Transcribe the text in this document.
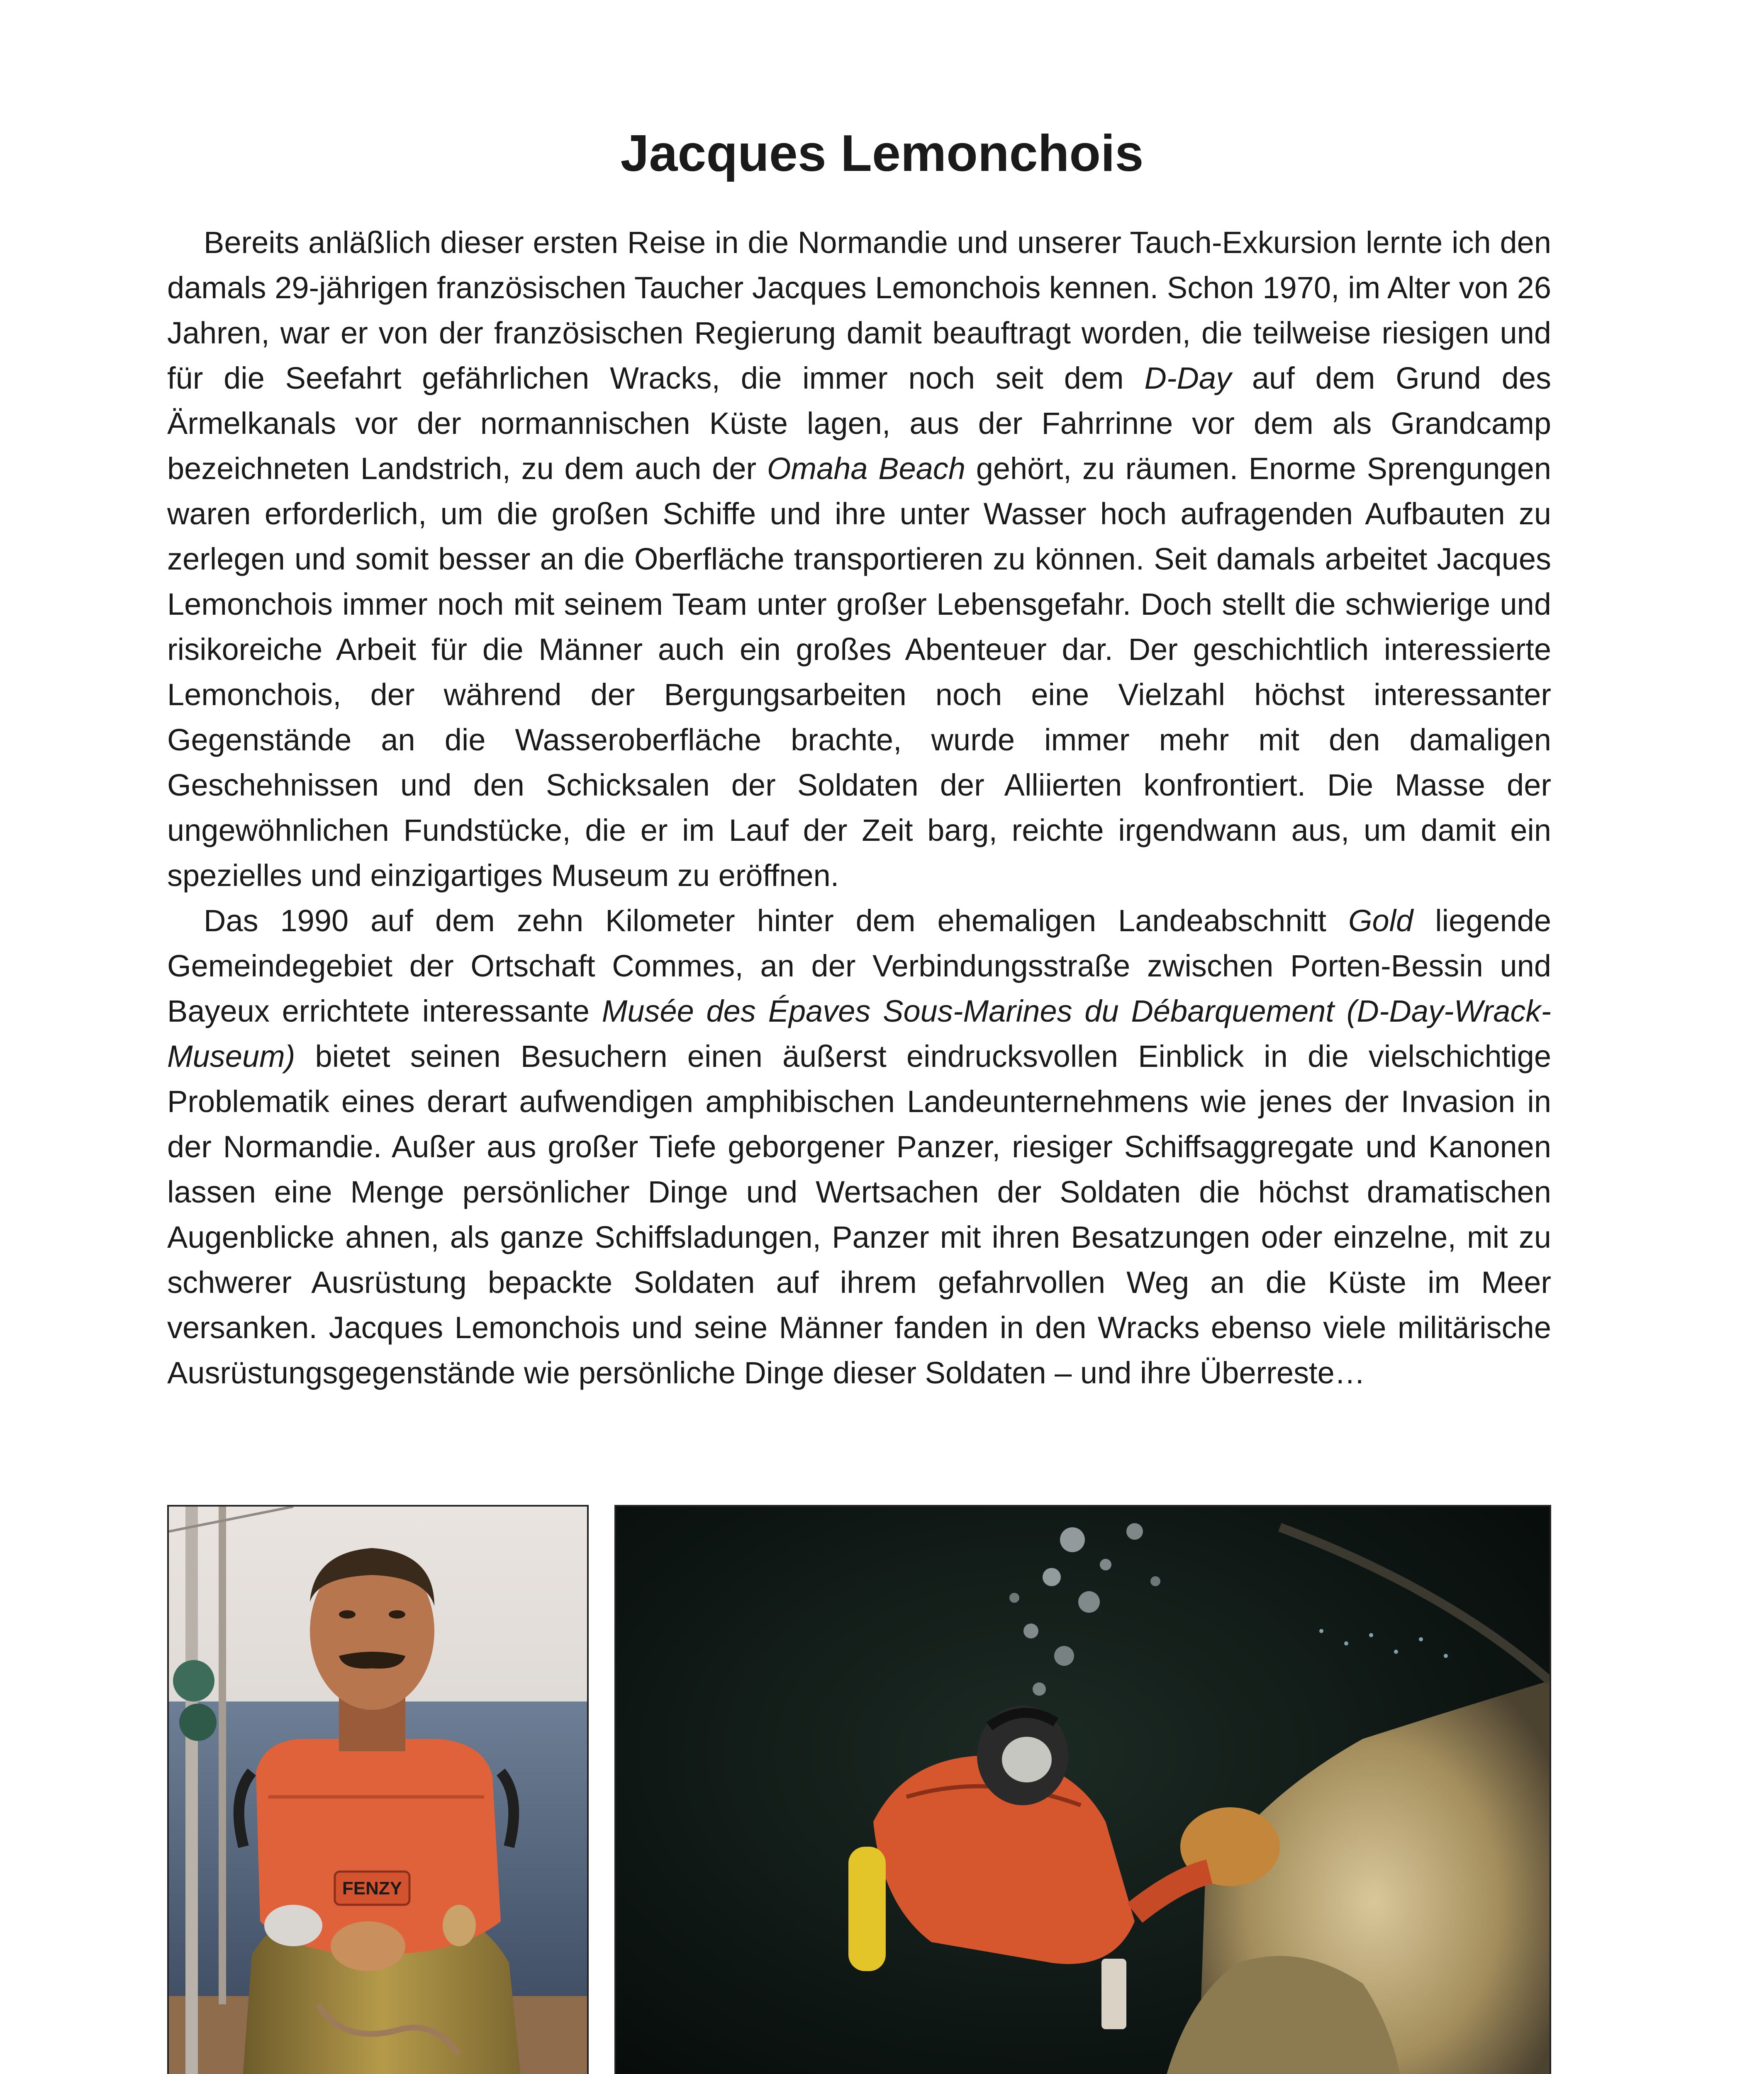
Jacques Lemonchois

Bereits anläßlich dieser ersten Reise in die Normandie und unserer Tauch-Exkursion lernte ich den damals 29-jährigen französischen Taucher Jacques Lemonchois kennen. Schon 1970, im Alter von 26 Jahren, war er von der französischen Regierung damit beauftragt worden, die teilweise riesigen und für die Seefahrt gefährlichen Wracks, die immer noch seit dem D-Day auf dem Grund des Ärmelkanals vor der normannischen Küste lagen, aus der Fahrrinne vor dem als Grandcamp bezeichneten Landstrich, zu dem auch der Omaha Beach gehört, zu räumen. Enorme Sprengungen waren erforderlich, um die großen Schiffe und ihre unter Wasser hoch aufragenden Aufbauten zu zerlegen und somit besser an die Oberfläche transportieren zu können. Seit damals arbeitet Jacques Lemonchois immer noch mit seinem Team unter großer Lebensgefahr. Doch stellt die schwierige und risikoreiche Arbeit für die Männer auch ein großes Abenteuer dar. Der geschichtlich interessierte Lemonchois, der während der Bergungsarbeiten noch eine Vielzahl höchst interessanter Gegenstände an die Wasseroberfläche brachte, wurde immer mehr mit den damaligen Geschehnissen und den Schicksalen der Soldaten der Alliierten konfrontiert. Die Masse der ungewöhnlichen Fundstücke, die er im Lauf der Zeit barg, reichte irgendwann aus, um damit ein spezielles und einzigartiges Museum zu eröffnen.

Das 1990 auf dem zehn Kilometer hinter dem ehemaligen Landeabschnitt Gold liegende Gemeindegebiet der Ortschaft Commes, an der Verbindungsstraße zwischen Porten-Bessin und Bayeux errichtete interessante Musée des Épaves Sous-Marines du Débarquement (D-Day-Wrack-Museum) bietet seinen Besuchern einen äußerst eindrucksvollen Einblick in die vielschichtige Problematik eines derart aufwendigen amphibischen Landeunternehmens wie jenes der Invasion in der Normandie. Außer aus großer Tiefe geborgener Panzer, riesiger Schiffsaggregate und Kanonen lassen eine Menge persönlicher Dinge und Wertsachen der Soldaten die höchst dramatischen Augenblicke ahnen, als ganze Schiffsladungen, Panzer mit ihren Besatzungen oder einzelne, mit zu schwerer Ausrüstung bepackte Soldaten auf ihrem gefahrvollen Weg an die Küste im Meer versanken. Jacques Lemonchois und seine Männer fanden in den Wracks ebenso viele militärische Ausrüstungsgegenstände wie persönliche Dinge dieser Soldaten – und ihre Überreste…

FENZY
